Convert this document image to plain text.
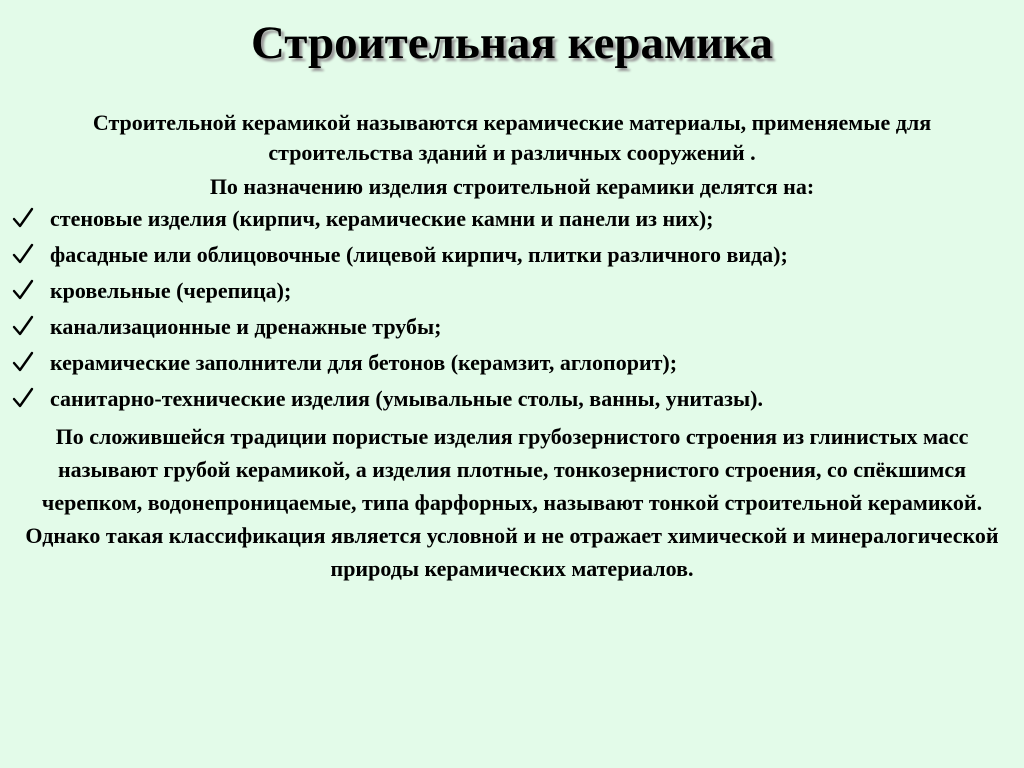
Строительная керамика

Строительной керамикой называются керамические материалы, применяемые для строительства зданий и различных сооружений .

По назначению изделия строительной керамики делятся на:

стеновые изделия (кирпич, керамические камни и панели из них);
фасадные или облицовочные (лицевой кирпич, плитки различного вида);
кровельные (черепица);
канализационные и дренажные трубы;
керамические заполнители для бетонов (керамзит, аглопорит);
санитарно-технические изделия (умывальные столы, ванны, унитазы).

По сложившейся традиции пористые изделия грубозернистого строения из глинистых масс называют грубой керамикой, а изделия плотные, тонкозернистого строения, со спёкшимся черепком, водонепроницаемые, типа фарфорных, называют тонкой строительной керамикой. Однако такая классификация является условной и не отражает химической и минералогической природы керамических материалов.
